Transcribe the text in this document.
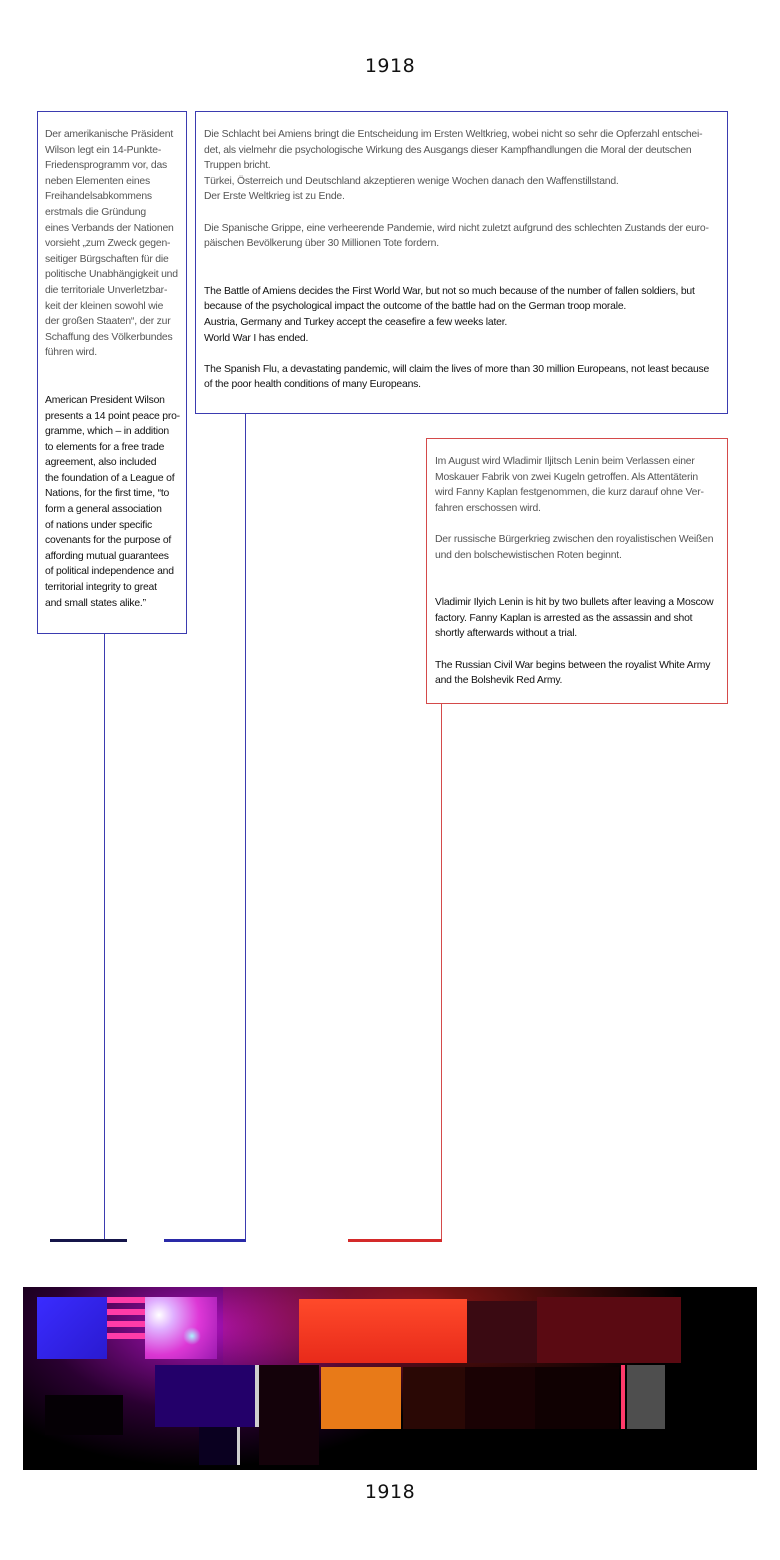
1918

Der amerikanische Präsident
Wilson legt ein 14-Punkte-
Friedensprogramm vor, das
neben Elementen eines
Freihandelsabkommens
erstmals die Gründung
eines Verbands der Nationen
vorsieht „zum Zweck gegen-
seitiger Bürgschaften für die
politische Unabhängigkeit und
die territoriale Unverletzbar-
keit der kleinen sowohl wie
der großen Staaten“, der zur
Schaffung des Völkerbundes
führen wird.

American President Wilson
presents a 14 point peace pro-
gramme, which – in addition
to elements for a free trade
agreement, also included
the foundation of a League of
Nations, for the first time, “to
form a general association
of nations under specific
covenants for the purpose of
affording mutual guarantees
of political independence and
territorial integrity to great
and small states alike.”

Die Schlacht bei Amiens bringt die Entscheidung im Ersten Weltkrieg, wobei nicht so sehr die Opferzahl entschei-
det, als vielmehr die psychologische Wirkung des Ausgangs dieser Kampfhandlungen die Moral der deutschen
Truppen bricht.
Türkei, Österreich und Deutschland akzeptieren wenige Wochen danach den Waffenstillstand.
Der Erste Weltkrieg ist zu Ende.

Die Spanische Grippe, eine verheerende Pandemie, wird nicht zuletzt aufgrund des schlechten Zustands der euro-
päischen Bevölkerung über 30 Millionen Tote fordern.

The Battle of Amiens decides the First World War, but not so much because of the number of fallen soldiers, but
because of the psychological impact the outcome of the battle had on the German troop morale.
Austria, Germany and Turkey accept the ceasefire a few weeks later.
World War I has ended.

The Spanish Flu, a devastating pandemic, will claim the lives of more than 30 million Europeans, not least because
of the poor health conditions of many Europeans.

Im August wird Wladimir Iljitsch Lenin beim Verlassen einer
Moskauer Fabrik von zwei Kugeln getroffen. Als Attentäterin
wird Fanny Kaplan festgenommen, die kurz darauf ohne Ver-
fahren erschossen wird.

Der russische Bürgerkrieg zwischen den royalistischen Weißen
und den bolschewistischen Roten beginnt.

Vladimir Ilyich Lenin is hit by two bullets after leaving a Moscow
factory. Fanny Kaplan is arrested as the assassin and shot
shortly afterwards without a trial.

The Russian Civil War begins between the royalist White Army
and the Bolshevik Red Army.

1918
